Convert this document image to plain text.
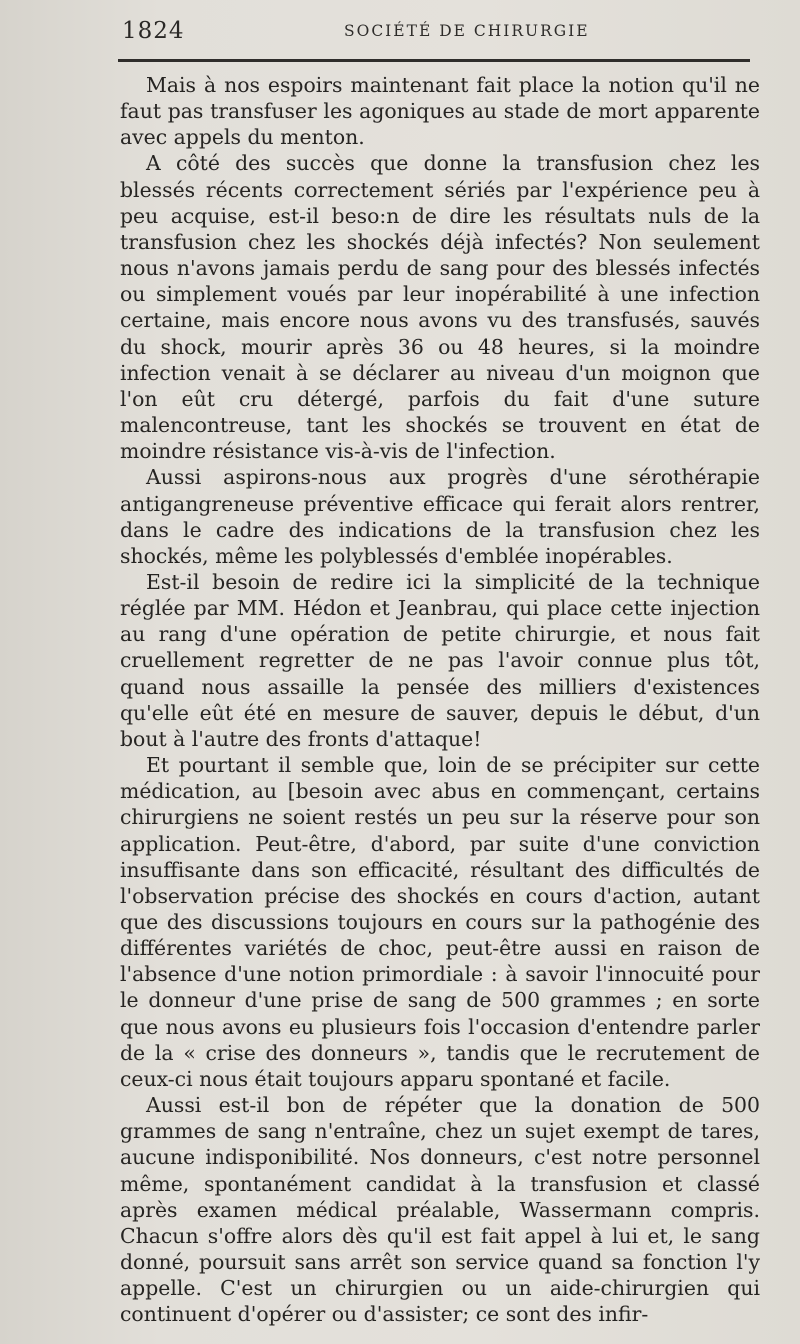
1824	SOCIÉTÉ DE CHIRURGIE

Mais à nos espoirs maintenant fait place la notion qu'il ne faut pas transfuser les agoniques au stade de mort apparente avec appels du menton.

A côté des succès que donne la transfusion chez les blessés récents correctement sériés par l'expérience peu à peu acquise, est-il beso:n de dire les résultats nuls de la transfusion chez les shockés déjà infectés? Non seulement nous n'avons jamais perdu de sang pour des blessés infectés ou simplement voués par leur inopérabilité à une infection certaine, mais encore nous avons vu des transfusés, sauvés du shock, mourir après 36 ou 48 heures, si la moindre infection venait à se déclarer au niveau d'un moignon que l'on eût cru détergé, parfois du fait d'une suture malencontreuse, tant les shockés se trouvent en état de moindre résistance vis-à-vis de l'infection.

Aussi aspirons-nous aux progrès d'une sérothérapie antigangreneuse préventive efficace qui ferait alors rentrer, dans le cadre des indications de la transfusion chez les shockés, même les polyblessés d'emblée inopérables.

Est-il besoin de redire ici la simplicité de la technique réglée par MM. Hédon et Jeanbrau, qui place cette injection au rang d'une opération de petite chirurgie, et nous fait cruellement regretter de ne pas l'avoir connue plus tôt, quand nous assaille la pensée des milliers d'existences qu'elle eût été en mesure de sauver, depuis le début, d'un bout à l'autre des fronts d'attaque!

Et pourtant il semble que, loin de se précipiter sur cette médication, au [besoin avec abus en commençant, certains chirurgiens ne soient restés un peu sur la réserve pour son application. Peut-être, d'abord, par suite d'une conviction insuffisante dans son efficacité, résultant des difficultés de l'observation précise des shockés en cours d'action, autant que des discussions toujours en cours sur la pathogénie des différentes variétés de choc, peut-être aussi en raison de l'absence d'une notion primordiale : à savoir l'innocuité pour le donneur d'une prise de sang de 500 grammes ; en sorte que nous avons eu plusieurs fois l'occasion d'entendre parler de la « crise des donneurs », tandis que le recrutement de ceux-ci nous était toujours apparu spontané et facile.

Aussi est-il bon de répéter que la donation de 500 grammes de sang n'entraîne, chez un sujet exempt de tares, aucune indisponibilité. Nos donneurs, c'est notre personnel même, spontanément candidat à la transfusion et classé après examen médical préalable, Wassermann compris. Chacun s'offre alors dès qu'il est fait appel à lui et, le sang donné, poursuit sans arrêt son service quand sa fonction l'y appelle. C'est un chirurgien ou un aide-chirurgien qui continuent d'opérer ou d'assister; ce sont des infir-
